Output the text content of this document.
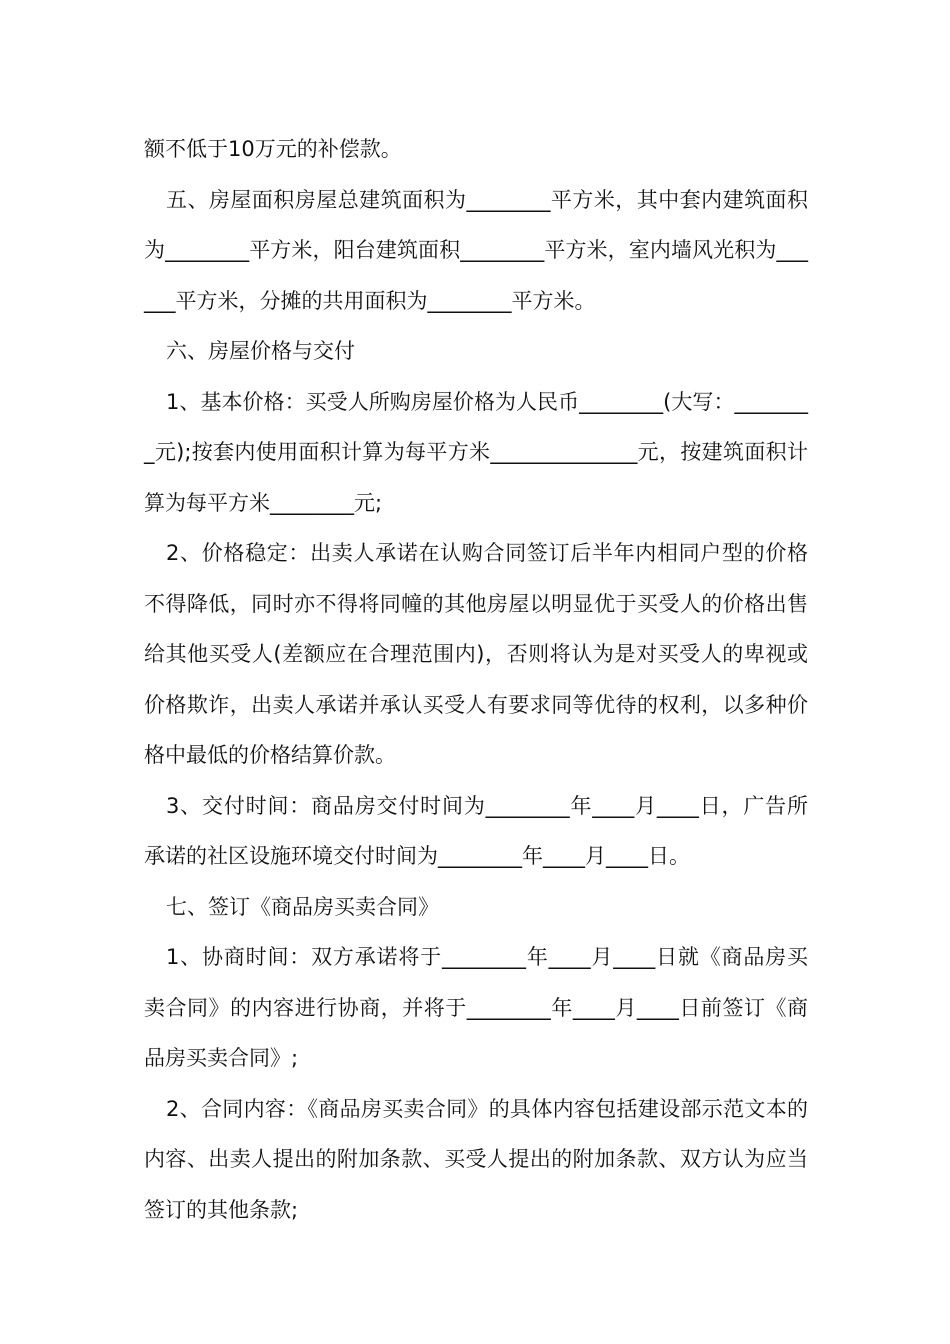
额不低于10万元的补偿款。

五、房屋面积房屋总建筑面积为________平方米，其中套内建筑面积为________平方米，阳台建筑面积________平方米，室内墙风光积为______平方米，分摊的共用面积为________平方米。

六、房屋价格与交付

1、基本价格：买受人所购房屋价格为人民币________(大写：________元);按套内使用面积计算为每平方米______________元，按建筑面积计算为每平方米________元;

2、价格稳定：出卖人承诺在认购合同签订后半年内相同户型的价格不得降低，同时亦不得将同幢的其他房屋以明显优于买受人的价格出售给其他买受人(差额应在合理范围内)，否则将认为是对买受人的卑视或价格欺诈，出卖人承诺并承认买受人有要求同等优待的权利，以多种价格中最低的价格结算价款。

3、交付时间：商品房交付时间为________年____月____日，广告所承诺的社区设施环境交付时间为________年____月____日。

七、签订《商品房买卖合同》

1、协商时间：双方承诺将于________年____月____日就《商品房买卖合同》的内容进行协商，并将于________年____月____日前签订《商品房买卖合同》;

2、合同内容：《商品房买卖合同》的具体内容包括建设部示范文本的内容、出卖人提出的附加条款、买受人提出的附加条款、双方认为应当签订的其他条款;
